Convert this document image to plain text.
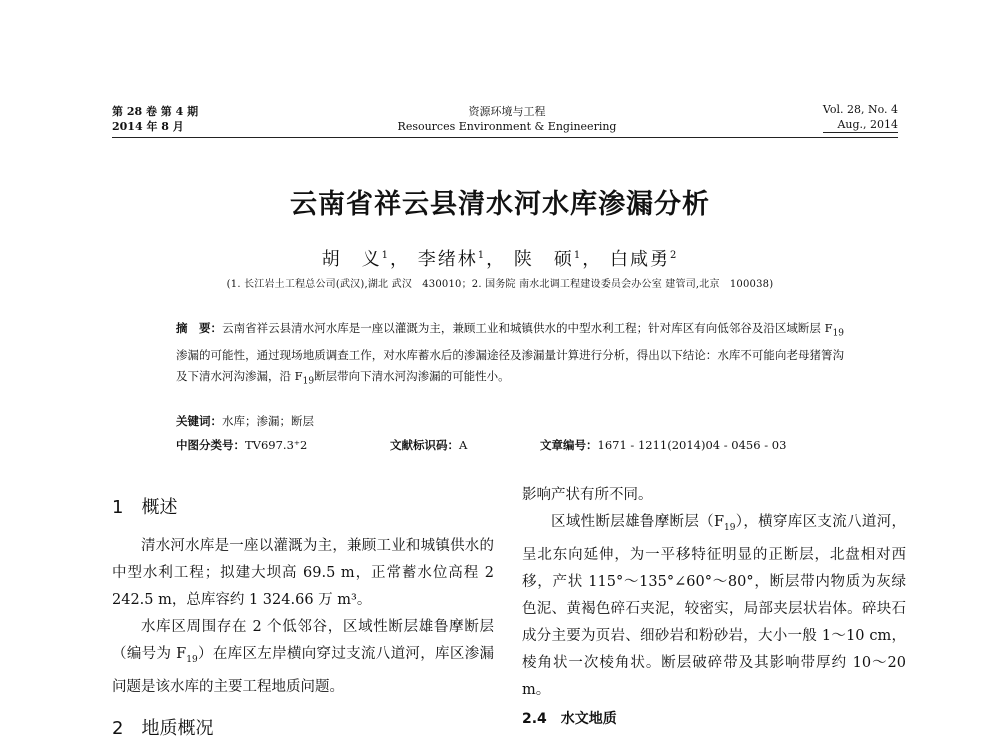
第 28 卷 第 4 期
2014 年 8 月
资源环境与工程
Resources Environment & Engineering
Vol. 28, No. 4
Aug., 2014
云南省祥云县清水河水库渗漏分析
胡　义$^1$， 李绪林$^1$， 陕　硕$^1$， 白咸勇$^2$
(1. 长江岩土工程总公司(武汉),湖北 武汉　430010；2. 国务院 南水北调工程建设委员会办公室 建管司,北京　100038)
摘　要：云南省祥云县清水河水库是一座以灌溉为主，兼顾工业和城镇供水的中型水利工程；针对库区有向低邻谷及沿区域断层 $F_{19}$渗漏的可能性，通过现场地质调查工作，对水库蓄水后的渗漏途径及渗漏量计算进行分析，得出以下结论：水库不可能向老母猪箐沟及下清水河沟渗漏，沿 $F_{19}$断层带向下清水河沟渗漏的可能性小。
关键词：水库；渗漏；断层
中图分类号：TV697.3⁺2	文献标识码：A	文章编号：1671 - 1211(2014)04 - 0456 - 03
1　概述

清水河水库是一座以灌溉为主，兼顾工业和城镇供水的中型水利工程；拟建大坝高 69.5 m，正常蓄水位高程 2 242.5 m，总库容约 1 324.66 万 m³。

水库区周围存在 2 个低邻谷，区域性断层雄鲁摩断层（编号为 $F_{19}$）在库区左岸横向穿过支流八道河，库区渗漏问题是该水库的主要工程地质问题。

2　地质概况

影响产状有所不同。

区域性断层雄鲁摩断层$(F_{19})$，横穿库区支流八道河，呈北东向延伸，为一平移特征明显的正断层，北盘相对西移，产状 115°～135°∠60°～80°，断层带内物质为灰绿色泥、黄褐色碎石夹泥，较密实，局部夹层状岩体。碎块石成分主要为页岩、细砂岩和粉砂岩，大小一般 1～10 cm，棱角状一次棱角状。断层破碎带及其影响带厚约 10～20 m。

2.4　水文地质
